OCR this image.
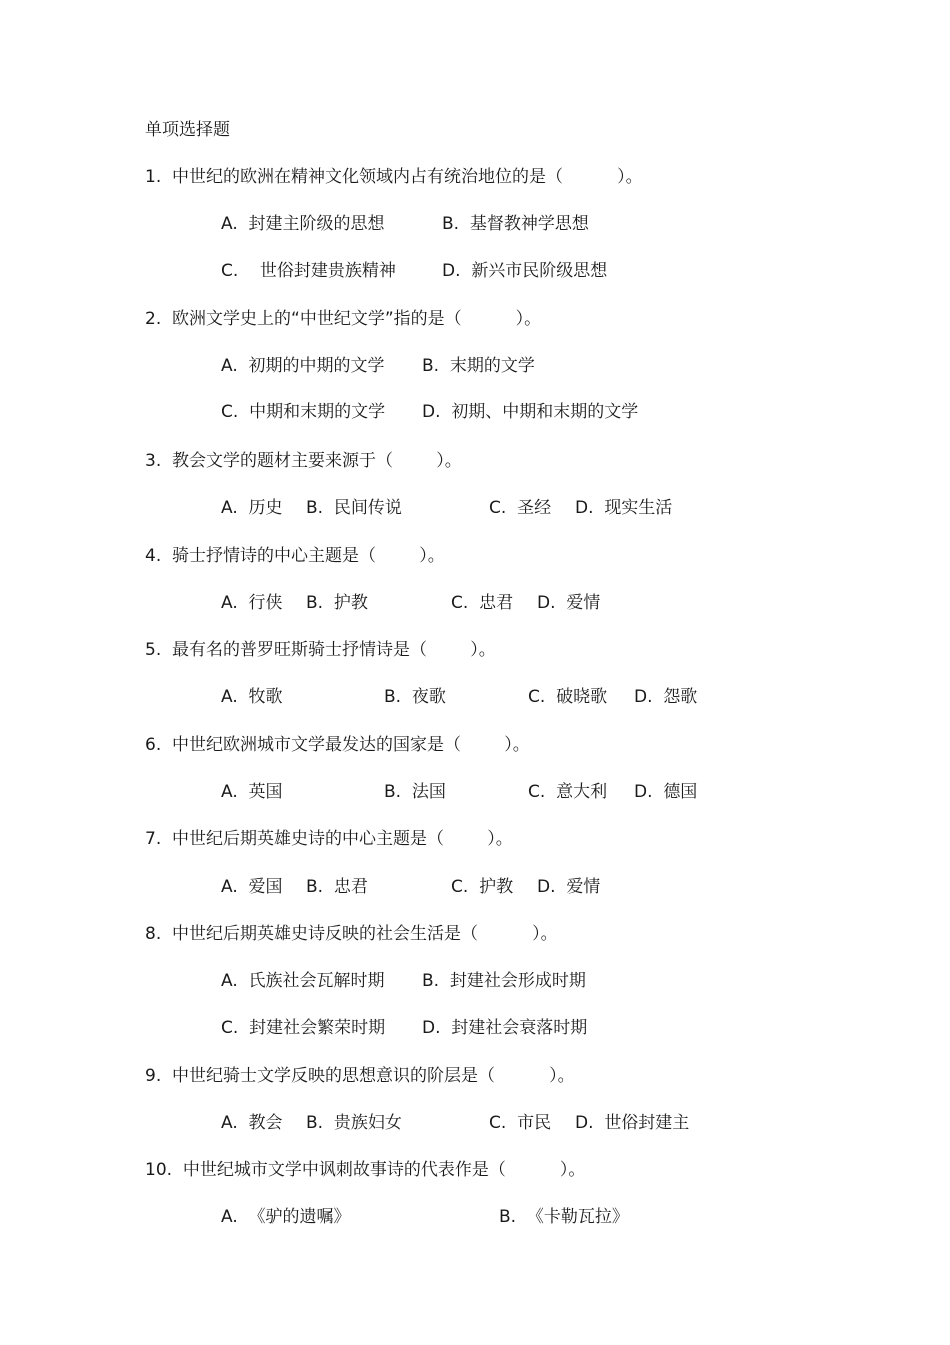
单项选择题
1.  中世纪的欧洲在精神文化领域内占有统治地位的是（          ）。
A. 封建主阶级的思想	B. 基督教神学思想
C. 世俗封建贵族精神	D. 新兴市民阶级思想
2.  欧洲文学史上的“中世纪文学”指的是（          ）。
A. 初期的中期的文学 B. 末期的文学
C. 中期和末期的文学 D. 初期、中期和末期的文学
3.  教会文学的题材主要来源于（        ）。
A. 历史 B. 民间传说	C. 圣经 D. 现实生活
4.  骑士抒情诗的中心主题是（        ）。
A. 行侠 B. 护教	C. 忠君 D. 爱情
5.  最有名的普罗旺斯骑士抒情诗是（        ）。
A. 牧歌	B. 夜歌	C. 破晓歌 D. 怨歌
6.  中世纪欧洲城市文学最发达的国家是（        ）。
A. 英国	B. 法国	C. 意大利 D. 德国
7.  中世纪后期英雄史诗的中心主题是（        ）。
A. 爱国 B. 忠君	C. 护教 D. 爱情
8.  中世纪后期英雄史诗反映的社会生活是（          ）。
A. 氏族社会瓦解时期 B. 封建社会形成时期
C. 封建社会繁荣时期 D. 封建社会衰落时期
9.  中世纪骑士文学反映的思想意识的阶层是（          ）。
A. 教会 B. 贵族妇女	C. 市民 D. 世俗封建主
10.  中世纪城市文学中讽刺故事诗的代表作是（          ）。
A. 《驴的遗嘱》	B. 《卡勒瓦拉》
